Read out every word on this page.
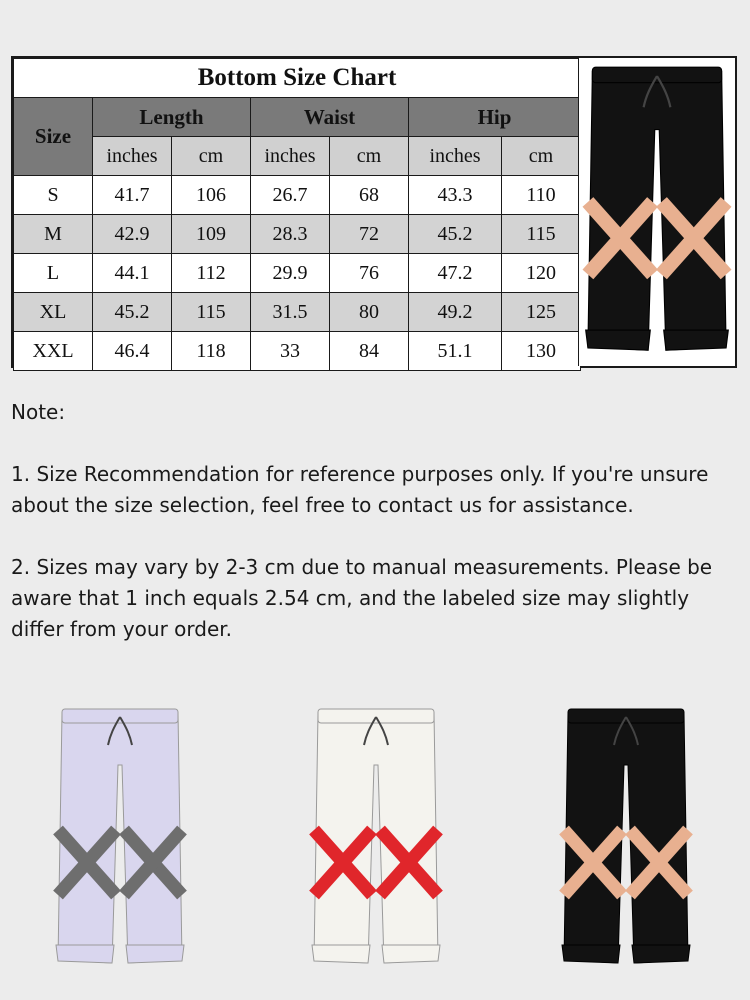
Bottom Size Chart						
Size	Length		Waist		Hip	
	inches	cm	inches	cm	inches	cm
S	41.7	106	26.7	68	43.3	110
M	42.9	109	28.3	72	45.2	115
L	44.1	112	29.9	76	47.2	120
XL	45.2	115	31.5	80	49.2	125
XXL	46.4	118	33	84	51.1	130

Note:

1. Size Recommendation for reference purposes only. If you're unsure about the size selection, feel free to contact us for assistance.

2. Sizes may vary by 2-3 cm due to manual measurements. Please be aware that 1 inch equals 2.54 cm, and the labeled size may slightly differ from your order.
